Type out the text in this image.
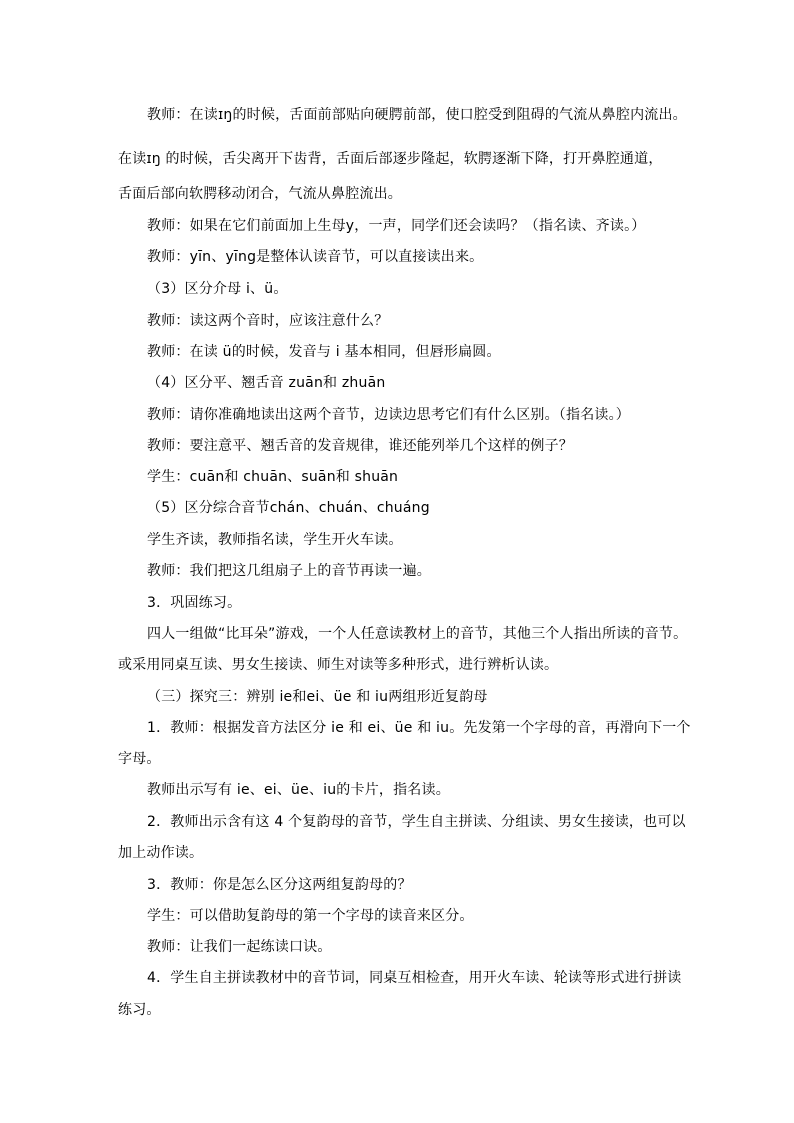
教师：在读ɪŋ的时候，舌面前部贴向硬腭前部，使口腔受到阻碍的气流从鼻腔内流出。
在读ɪŋ 的时候，舌尖离开下齿背，舌面后部逐步隆起，软腭逐渐下降，打开鼻腔通道，
舌面后部向软腭移动闭合，气流从鼻腔流出。
教师：如果在它们前面加上生母y，一声，同学们还会读吗？（指名读、齐读。）
教师：yīn、yīng是整体认读音节，可以直接读出来。
（3）区分介母 i、ü。
教师：读这两个音时，应该注意什么？
教师：在读 ü的时候，发音与 i 基本相同，但唇形扁圆。
（4）区分平、翘舌音 zuān和 zhuān
教师：请你准确地读出这两个音节，边读边思考它们有什么区别。（指名读。）
教师：要注意平、翘舌音的发音规律，谁还能列举几个这样的例子？
学生：cuān和 chuān、suān和 shuān
（5）区分综合音节chán、chuán、chuáng
学生齐读，教师指名读，学生开火车读。
教师：我们把这几组扇子上的音节再读一遍。
3．巩固练习。
四人一组做“比耳朵”游戏，一个人任意读教材上的音节，其他三个人指出所读的音节。
或采用同桌互读、男女生接读、师生对读等多种形式，进行辨析认读。
（三）探究三：辨别 ie和ei、üe 和 iu两组形近复韵母
1．教师：根据发音方法区分 ie 和 ei、üe 和 iu。先发第一个字母的音，再滑向下一个
字母。
教师出示写有 ie、ei、üe、iu的卡片，指名读。
2．教师出示含有这 4 个复韵母的音节，学生自主拼读、分组读、男女生接读，也可以
加上动作读。
3．教师：你是怎么区分这两组复韵母的？
学生：可以借助复韵母的第一个字母的读音来区分。
教师：让我们一起练读口诀。
4．学生自主拼读教材中的音节词，同桌互相检查，用开火车读、轮读等形式进行拼读
练习。
